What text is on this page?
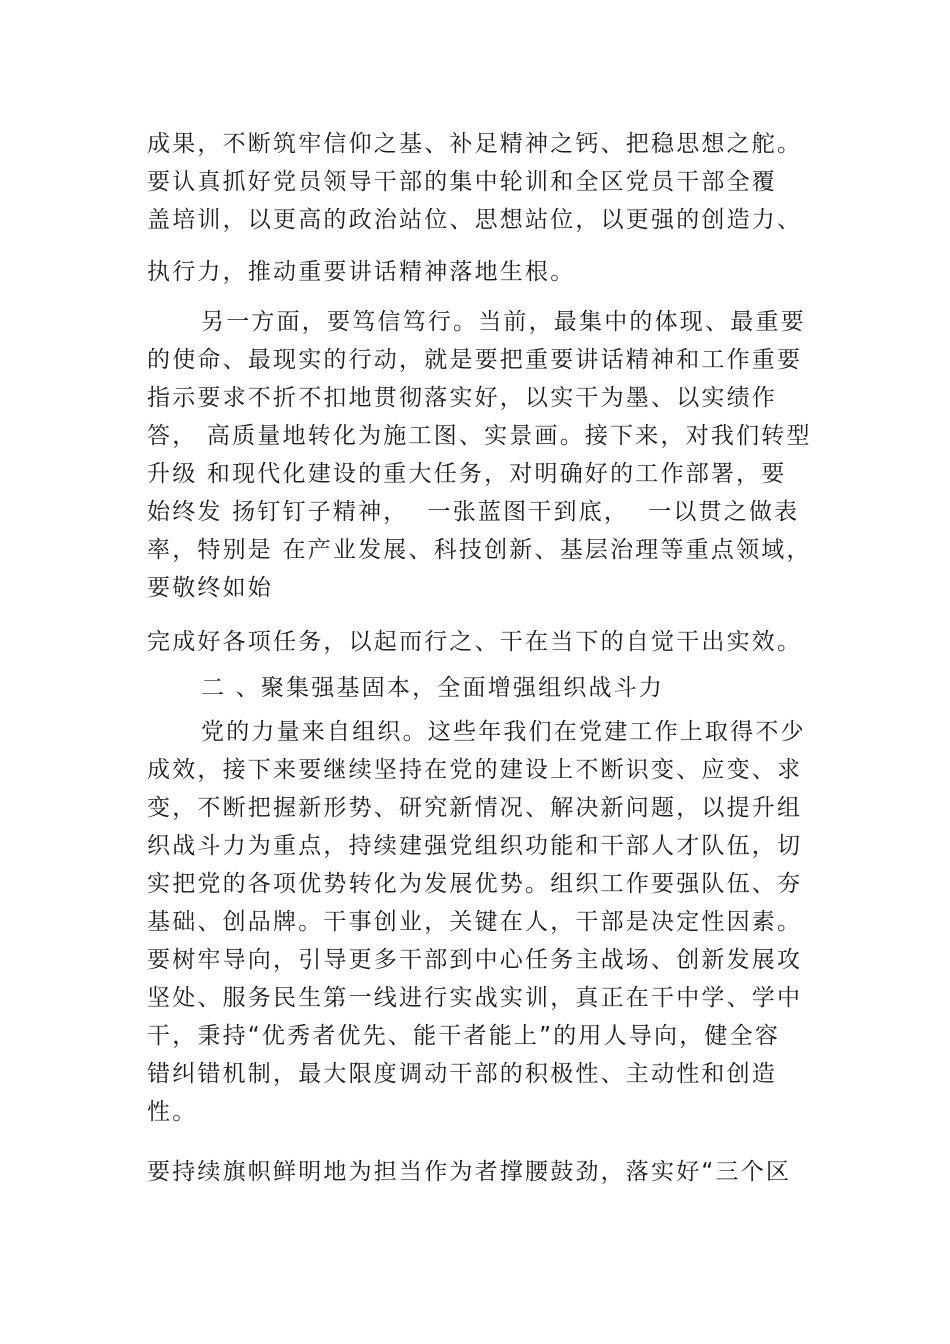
成果，不断筑牢信仰之基、补足精神之钙、把稳思想之舵。
要认真抓好党员领导干部的集中轮训和全区党员干部全覆
盖培训，以更高的政治站位、思想站位，以更强的创造力、
执行力，推动重要讲话精神落地生根。
另一方面，要笃信笃行。当前，最集中的体现、最重要
的使命、最现实的行动，就是要把重要讲话精神和工作重要
指示要求不折不扣地贯彻落实好，以实干为墨、以实绩作
答， 高质量地转化为施工图、实景画。接下来，对我们转型
升级 和现代化建设的重大任务，对明确好的工作部署，要
始终发 扬钉钉子精神，  一张蓝图干到底，  一以贯之做表
率，特别是 在产业发展、科技创新、基层治理等重点领域，
要敬终如始
完成好各项任务，以起而行之、干在当下的自觉干出实效。
二 、聚集强基固本，全面增强组织战斗力
党的力量来自组织。这些年我们在党建工作上取得不少
成效，接下来要继续坚持在党的建设上不断识变、应变、求
变，不断把握新形势、研究新情况、解决新问题，以提升组
织战斗力为重点，持续建强党组织功能和干部人才队伍，切
实把党的各项优势转化为发展优势。组织工作要强队伍、夯
基础、创品牌。干事创业，关键在人，干部是决定性因素。
要树牢导向，引导更多干部到中心任务主战场、创新发展攻
坚处、服务民生第一线进行实战实训，真正在干中学、学中
干，秉持“优秀者优先、能干者能上”的用人导向，健全容
错纠错机制，最大限度调动干部的积极性、主动性和创造
性。
要持续旗帜鲜明地为担当作为者撑腰鼓劲，落实好“三个区
